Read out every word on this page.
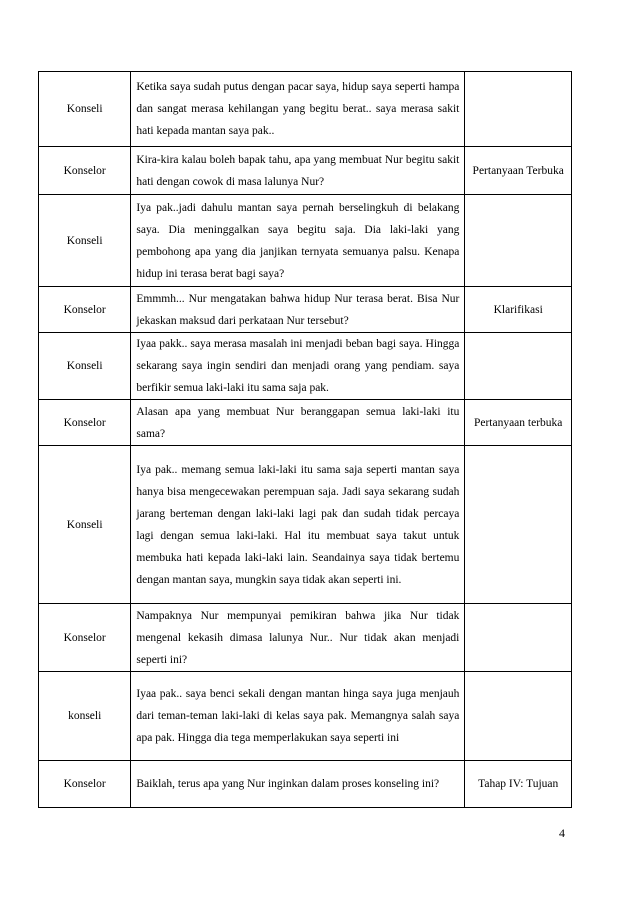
Konseli	Ketika saya sudah putus dengan pacar saya, hidup saya seperti hampa dan sangat merasa kehilangan yang begitu berat.. saya merasa sakit hati kepada mantan saya pak..	
Konselor	Kira-kira kalau boleh bapak tahu, apa yang membuat Nur begitu sakit hati dengan cowok di masa lalunya Nur?	Pertanyaan Terbuka
Konseli	Iya pak..jadi dahulu mantan saya pernah berselingkuh di belakang saya. Dia meninggalkan saya begitu saja. Dia laki-laki yang pembohong apa yang dia janjikan ternyata semuanya palsu. Kenapa hidup ini terasa berat bagi saya?	
Konselor	Emmmh... Nur mengatakan bahwa hidup Nur terasa berat. Bisa Nur jekaskan maksud dari perkataan Nur tersebut?	Klarifikasi
Konseli	Iyaa pakk.. saya merasa masalah ini menjadi beban bagi saya. Hingga sekarang saya ingin sendiri dan menjadi orang yang pendiam. saya berfikir semua laki-laki itu sama saja pak.	
Konselor	Alasan apa yang membuat Nur beranggapan semua laki-laki itu sama?	Pertanyaan terbuka
Konseli	Iya pak.. memang semua laki-laki itu sama saja seperti mantan saya hanya bisa mengecewakan perempuan saja. Jadi saya sekarang sudah jarang berteman dengan laki-laki lagi pak dan sudah tidak percaya lagi dengan semua laki-laki. Hal itu membuat saya takut untuk membuka hati kepada laki-laki lain. Seandainya saya tidak bertemu dengan mantan saya, mungkin saya tidak akan seperti ini.	
Konselor	Nampaknya Nur mempunyai pemikiran bahwa jika Nur tidak mengenal kekasih dimasa lalunya Nur.. Nur tidak akan menjadi seperti ini?	
konseli	Iyaa pak.. saya benci sekali dengan mantan hinga saya juga menjauh dari teman-teman laki-laki di kelas saya pak. Memangnya salah saya apa pak. Hingga dia tega memperlakukan saya seperti ini	
Konselor	Baiklah, terus apa yang Nur inginkan dalam proses konseling ini?	Tahap IV: Tujuan
4
